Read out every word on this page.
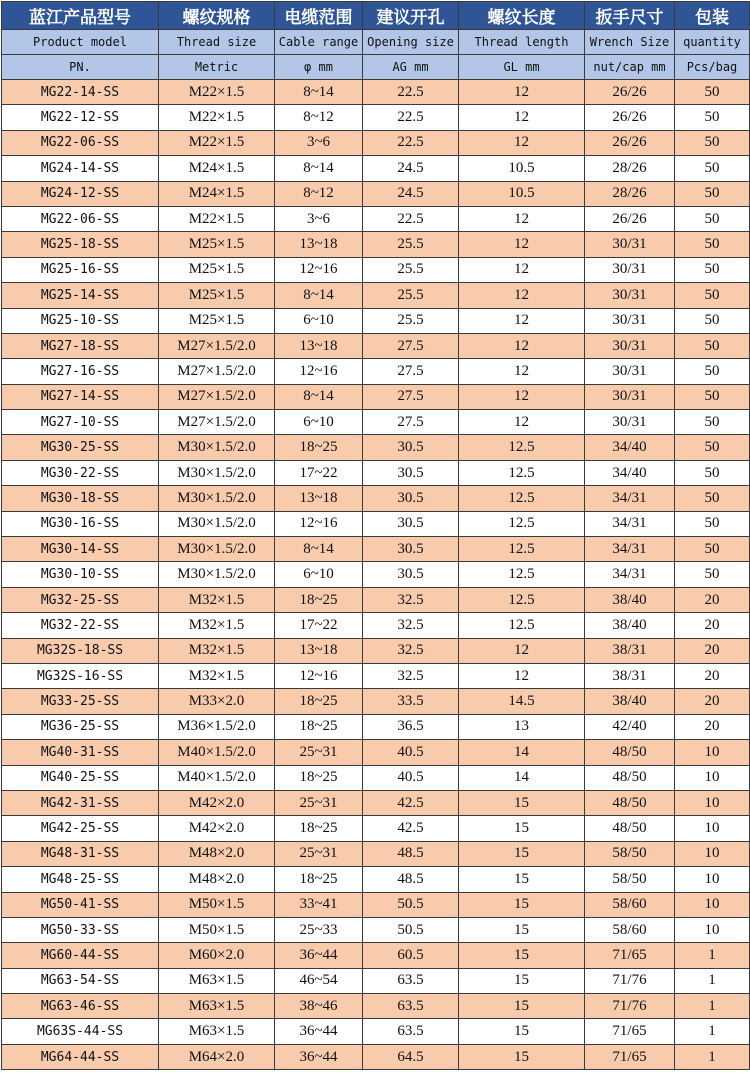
蓝江产品型号	螺纹规格	电缆范围	建议开孔	螺纹长度	扳手尺寸	包装
Product model	Thread size	Cable range	Opening size	Thread length	Wrench Size	quantity
PN.	Metric	φ mm	AG mm	GL mm	nut/cap mm	Pcs/bag
MG22-14-SS	M22×1.5	8~14	22.5	12	26/26	50
MG22-12-SS	M22×1.5	8~12	22.5	12	26/26	50
MG22-06-SS	M22×1.5	3~6	22.5	12	26/26	50
MG24-14-SS	M24×1.5	8~14	24.5	10.5	28/26	50
MG24-12-SS	M24×1.5	8~12	24.5	10.5	28/26	50
MG22-06-SS	M22×1.5	3~6	22.5	12	26/26	50
MG25-18-SS	M25×1.5	13~18	25.5	12	30/31	50
MG25-16-SS	M25×1.5	12~16	25.5	12	30/31	50
MG25-14-SS	M25×1.5	8~14	25.5	12	30/31	50
MG25-10-SS	M25×1.5	6~10	25.5	12	30/31	50
MG27-18-SS	M27×1.5/2.0	13~18	27.5	12	30/31	50
MG27-16-SS	M27×1.5/2.0	12~16	27.5	12	30/31	50
MG27-14-SS	M27×1.5/2.0	8~14	27.5	12	30/31	50
MG27-10-SS	M27×1.5/2.0	6~10	27.5	12	30/31	50
MG30-25-SS	M30×1.5/2.0	18~25	30.5	12.5	34/40	50
MG30-22-SS	M30×1.5/2.0	17~22	30.5	12.5	34/40	50
MG30-18-SS	M30×1.5/2.0	13~18	30.5	12.5	34/31	50
MG30-16-SS	M30×1.5/2.0	12~16	30.5	12.5	34/31	50
MG30-14-SS	M30×1.5/2.0	8~14	30.5	12.5	34/31	50
MG30-10-SS	M30×1.5/2.0	6~10	30.5	12.5	34/31	50
MG32-25-SS	M32×1.5	18~25	32.5	12.5	38/40	20
MG32-22-SS	M32×1.5	17~22	32.5	12.5	38/40	20
MG32S-18-SS	M32×1.5	13~18	32.5	12	38/31	20
MG32S-16-SS	M32×1.5	12~16	32.5	12	38/31	20
MG33-25-SS	M33×2.0	18~25	33.5	14.5	38/40	20
MG36-25-SS	M36×1.5/2.0	18~25	36.5	13	42/40	20
MG40-31-SS	M40×1.5/2.0	25~31	40.5	14	48/50	10
MG40-25-SS	M40×1.5/2.0	18~25	40.5	14	48/50	10
MG42-31-SS	M42×2.0	25~31	42.5	15	48/50	10
MG42-25-SS	M42×2.0	18~25	42.5	15	48/50	10
MG48-31-SS	M48×2.0	25~31	48.5	15	58/50	10
MG48-25-SS	M48×2.0	18~25	48.5	15	58/50	10
MG50-41-SS	M50×1.5	33~41	50.5	15	58/60	10
MG50-33-SS	M50×1.5	25~33	50.5	15	58/60	10
MG60-44-SS	M60×2.0	36~44	60.5	15	71/65	1
MG63-54-SS	M63×1.5	46~54	63.5	15	71/76	1
MG63-46-SS	M63×1.5	38~46	63.5	15	71/76	1
MG63S-44-SS	M63×1.5	36~44	63.5	15	71/65	1
MG64-44-SS	M64×2.0	36~44	64.5	15	71/65	1
